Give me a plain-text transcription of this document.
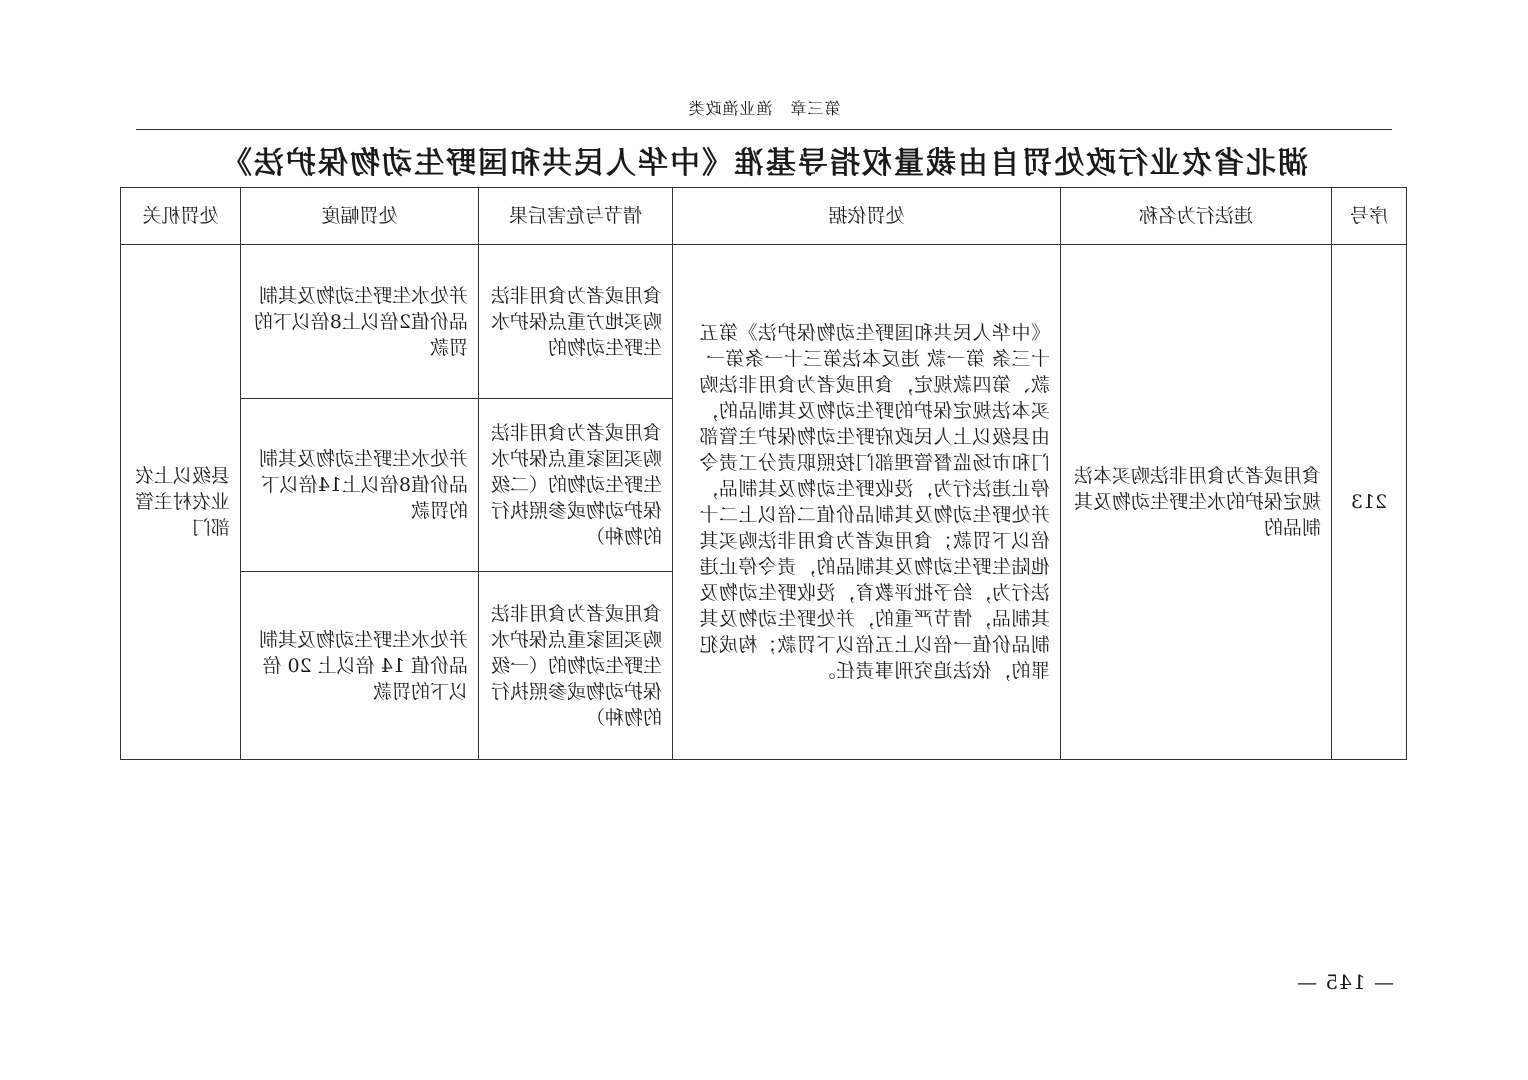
第三章　渔业渔政类
湖北省农业行政处罚自由裁量权指导基准《中华人民共和国野生动物保护法》
序号	违法行为名称	处罚依据	情节与危害后果	处罚幅度	处罚机关
213	食用或者为食用非法购买本法规定保护的水生野生动物及其制品的	《中华人民共和国野生动物保护法》第五十三条 第一款 违反本法第三十一条第一款、第四款规定，食用或者为食用非法购买本法规定保护的野生动物及其制品的，由县级以上人民政府野生动物保护主管部门和市场监督管理部门按照职责分工责令停止违法行为，没收野生动物及其制品，并处野生动物及其制品价值二倍以上二十倍以下罚款；食用或者为食用非法购买其他陆生野生动物及其制品的，责令停止违法行为，给予批评教育，没收野生动物及其制品，情节严重的，并处野生动物及其制品价值一倍以上五倍以下罚款；构成犯罪的，依法追究刑事责任。	食用或者为食用非法购买地方重点保护水生野生动物的	并处水生野生动物及其制品价值2倍以上8倍以下的罚款	县级以上农业农村主管部门
			食用或者为食用非法购买国家重点保护水生野生动物的（二级保护动物或参照执行的物种）	并处水生野生动物及其制品价值8倍以上14倍以下的罚款	
			食用或者为食用非法购买国家重点保护水生野生动物的（一级保护动物或参照执行的物种）	并处水生野生动物及其制品价值 14 倍以上 20 倍以下的罚款	
— 145 —
